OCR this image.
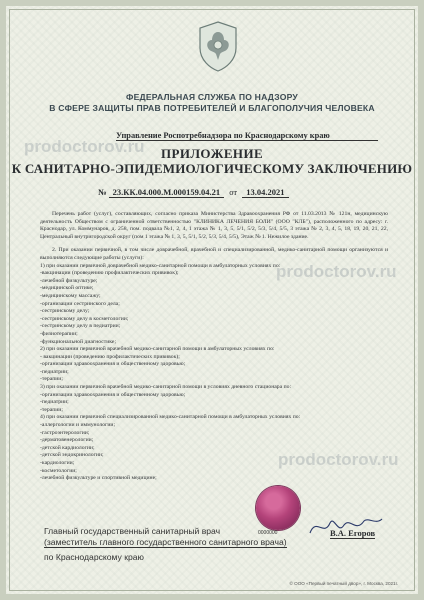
ФЕДЕРАЛЬНАЯ СЛУЖБА ПО НАДЗОРУ
В СФЕРЕ ЗАЩИТЫ ПРАВ ПОТРЕБИТЕЛЕЙ И БЛАГОПОЛУЧИЯ ЧЕЛОВЕКА
prodoctorov.ru
Управление Роспотребнадзора по Краснодарскому краю
ПРИЛОЖЕНИЕ
К САНИТАРНО-ЭПИДЕМИОЛОГИЧЕСКОМУ ЗАКЛЮЧЕНИЮ
№ 23.КК.04.000.М.000159.04.21 от 13.04.2021

Перечень работ (услуг), составляющих, согласно приказа Министерства Здравоохранения РФ от 11.03.2013 № 121н, медицинскую деятельность Обществом с ограниченной ответственностью "КЛИНИКА ЛЕЧЕНИЯ БОЛИ" (ООО "КЛБ"), расположенного по адресу: г. Краснодар, ул. Коммунаров, д. 258, пом. подвала №1, 2, 4, 1 этажа № 1, 3, 5, 5/1, 5/2, 5/3, 5/4, 5/5, 3 этажа № 2, 3, 4, 5, 18, 19, 20, 21, 22, Центральный внутригородской округ (пом 1 этажа № 1, 3, 5, 5/1, 5/2, 5/3, 5/4, 5/5), Этаж № 1. Нежилое здание.

2. При оказании первичной, в том числе доврачебной, врачебной и специализированной, медико-санитарной помощи организуются и выполняются следующие работы (услуги):

1) при оказании первичной доврачебной медико-санитарной помощи в амбулаторных условиях по:
-вакцинации (проведению профилактических прививок);
-лечебной физкультуре;
-медицинской оптике;
-медицинскому массажу;
-организации сестринского дела;
-сестринскому делу;
-сестринскому делу в косметологии;
-сестринскому делу в педиатрии;
-физиотерапии;
-функциональной диагностике;
2) при оказании первичной врачебной медико-санитарной помощи в амбулаторных условиях по:
- вакцинации (проведению профилактических прививок);
-организации здравоохранения и общественному здоровью;
-педиатрии;
-терапии;
3) при оказании первичной врачебной медико-санитарной помощи в условиях дневного стационара по:
-организации здравоохранения и общественному здоровью;
-педиатрии;
-терапии;
4) при оказании первичной специализированной медико-санитарной помощи в амбулаторных условиях по:
-аллергологии и иммунологии;
-гастроэнтерологии;
-дерматовенерологии;
-детской кардиологии;
-детской эндокринологии;
-кардиологии;
-косметологии;
-лечебной физкультуре и спортивной медицине;
prodoctorov.ru
prodoctorov.ru
0000000	В.А. Егоров
Главный государственный санитарный врач
(заместитель главного государственного санитарного врача)
по Краснодарскому краю
© ООО «Первый печатный двор», г. Москва, 2021г.
